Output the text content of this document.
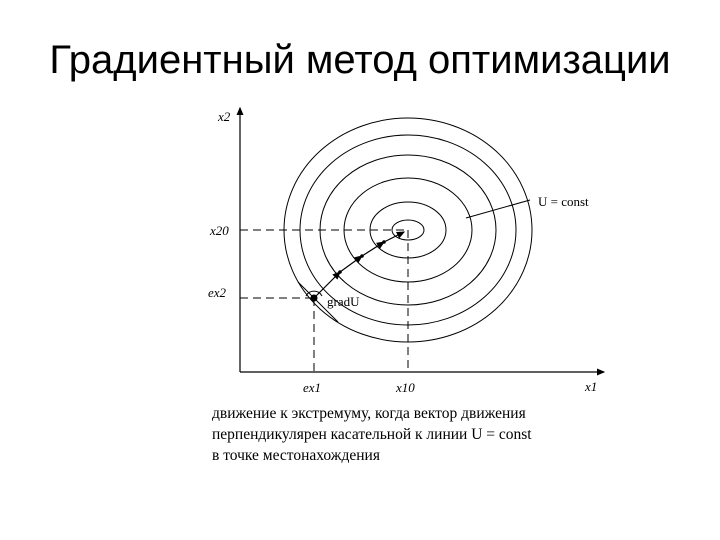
Градиентный метод оптимизации
x2
x1
x20
x10
ex2
ex1
U = const
gradU
движение к экстремуму, когда вектор движения
перпендикулярен касательной к линии U = const
в точке местонахождения
